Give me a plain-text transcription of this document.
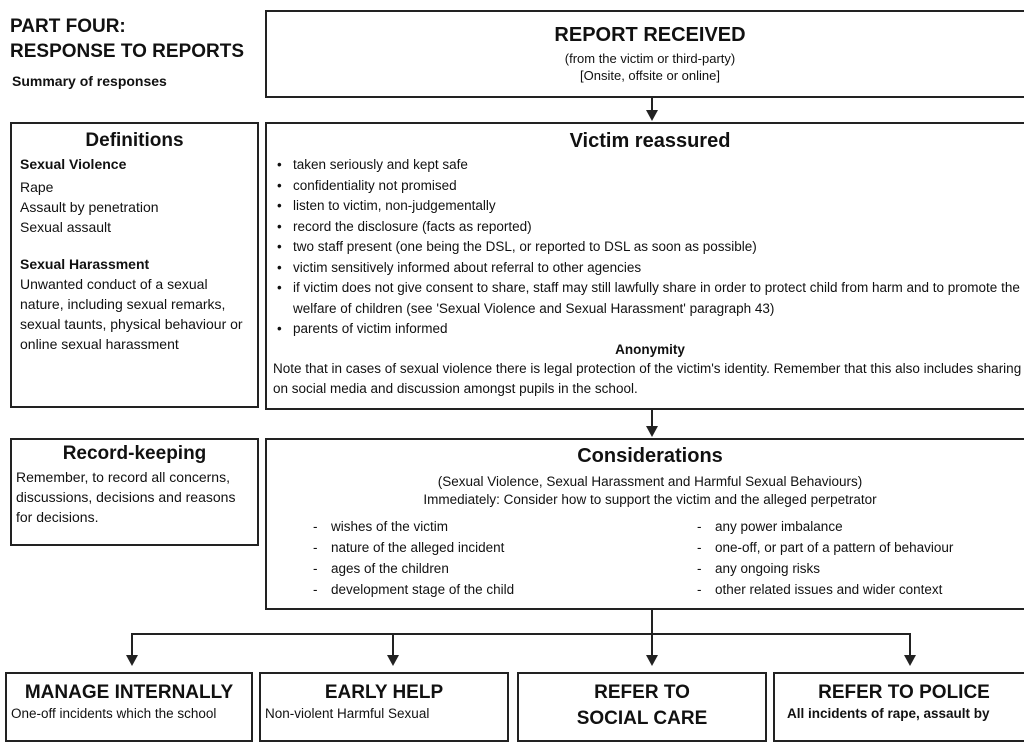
PART FOUR:
RESPONSE TO REPORTS
Summary of responses
REPORT RECEIVED
(from the victim or third-party)
[Onsite, offsite or online]
Definitions
Sexual Violence
Rape
Assault by penetration
Sexual assault
Sexual Harassment
Unwanted conduct of a sexual nature, including sexual remarks, sexual taunts, physical behaviour or online sexual harassment
Victim reassured
• taken seriously and kept safe
• confidentiality not promised
• listen to victim, non-judgementally
• record the disclosure (facts as reported)
• two staff present (one being the DSL, or reported to DSL as soon as possible)
• victim sensitively informed about referral to other agencies
• if victim does not give consent to share, staff may still lawfully share in order to protect child from harm and to promote the welfare of children (see 'Sexual Violence and Sexual Harassment' paragraph 43)
• parents of victim informed
Anonymity
Note that in cases of sexual violence there is legal protection of the victim's identity. Remember that this also includes sharing on social media and discussion amongst pupils in the school.
Record-keeping
Remember, to record all concerns, discussions, decisions and reasons for decisions.
Considerations
(Sexual Violence, Sexual Harassment and Harmful Sexual Behaviours)
Immediately: Consider how to support the victim and the alleged perpetrator
- wishes of the victim
- nature of the alleged incident
- ages of the children
- development stage of the child
- any power imbalance
- one-off, or part of a pattern of behaviour
- any ongoing risks
- other related issues and wider context
MANAGE INTERNALLY
One-off incidents which the school
EARLY HELP
Non-violent Harmful Sexual
REFER TO
SOCIAL CARE
REFER TO POLICE
All incidents of rape, assault by
